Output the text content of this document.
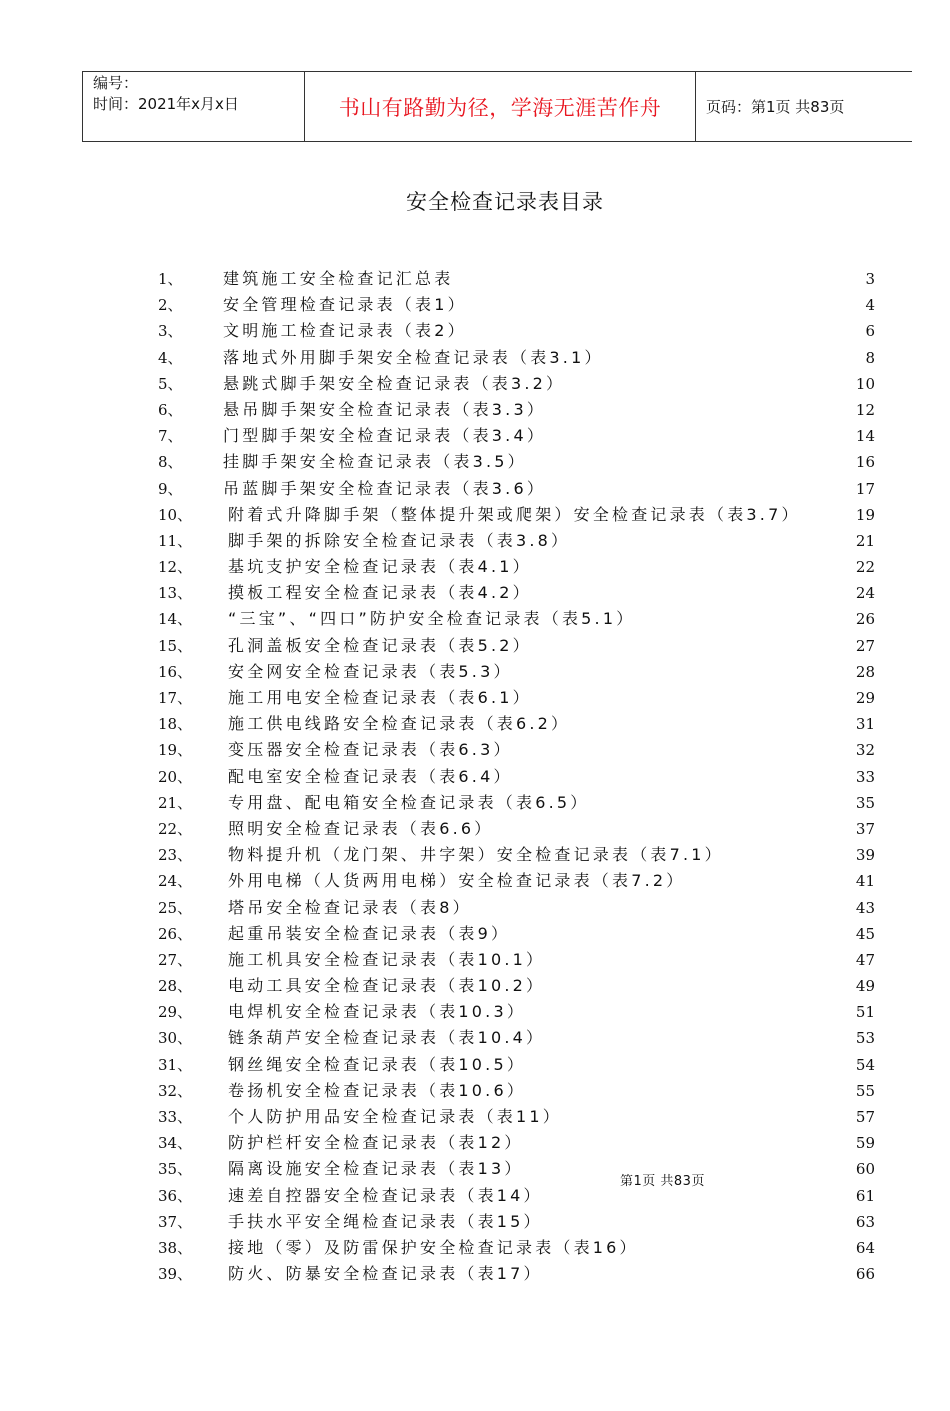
编号：
时间：2021年x月x日	书山有路勤为径，学海无涯苦作舟	页码：第1页 共83页
安全检查记录表目录
1、	建筑施工安全检查记汇总表	3
2、	安全管理检查记录表（表1）	4
3、	文明施工检查记录表（表2）	6
4、	落地式外用脚手架安全检查记录表（表3.1）	8
5、	悬跳式脚手架安全检查记录表（表3.2）	10
6、	悬吊脚手架安全检查记录表（表3.3）	12
7、	门型脚手架安全检查记录表（表3.4）	14
8、	挂脚手架安全检查记录表（表3.5）	16
9、	吊蓝脚手架安全检查记录表（表3.6）	17
10、 附着式升降脚手架（整体提升架或爬架）安全检查记录表（表3.7）	19
11、 脚手架的拆除安全检查记录表（表3.8）	21
12、 基坑支护安全检查记录表（表4.1）	22
13、 摸板工程安全检查记录表（表4.2）	24
14、 “三宝”、“四口”防护安全检查记录表（表5.1）	26
15、 孔洞盖板安全检查记录表（表5.2）	27
16、 安全网安全检查记录表（表5.3）	28
17、 施工用电安全检查记录表（表6.1）	29
18、 施工供电线路安全检查记录表（表6.2）	31
19、 变压器安全检查记录表（表6.3）	32
20、 配电室安全检查记录表（表6.4）	33
21、 专用盘、配电箱安全检查记录表（表6.5）	35
22、 照明安全检查记录表（表6.6）	37
23、 物料提升机（龙门架、井字架）安全检查记录表（表7.1）	39
24、 外用电梯（人货两用电梯）安全检查记录表（表7.2）	41
25、 塔吊安全检查记录表（表8）	43
26、 起重吊装安全检查记录表（表9）	45
27、 施工机具安全检查记录表（表10.1）	47
28、 电动工具安全检查记录表（表10.2）	49
29、 电焊机安全检查记录表（表10.3）	51
30、 链条葫芦安全检查记录表（表10.4）	53
31、 钢丝绳安全检查记录表（表10.5）	54
32、 卷扬机安全检查记录表（表10.6）	55
33、 个人防护用品安全检查记录表（表11）	57
34、 防护栏杆安全检查记录表（表12）	59
35、 隔离设施安全检查记录表（表13）	60
36、 速差自控器安全检查记录表（表14）	61
37、 手扶水平安全绳检查记录表（表15）	63
38、 接地（零）及防雷保护安全检查记录表（表16）	64
39、 防火、防暴安全检查记录表（表17）	66
第1页 共83页
